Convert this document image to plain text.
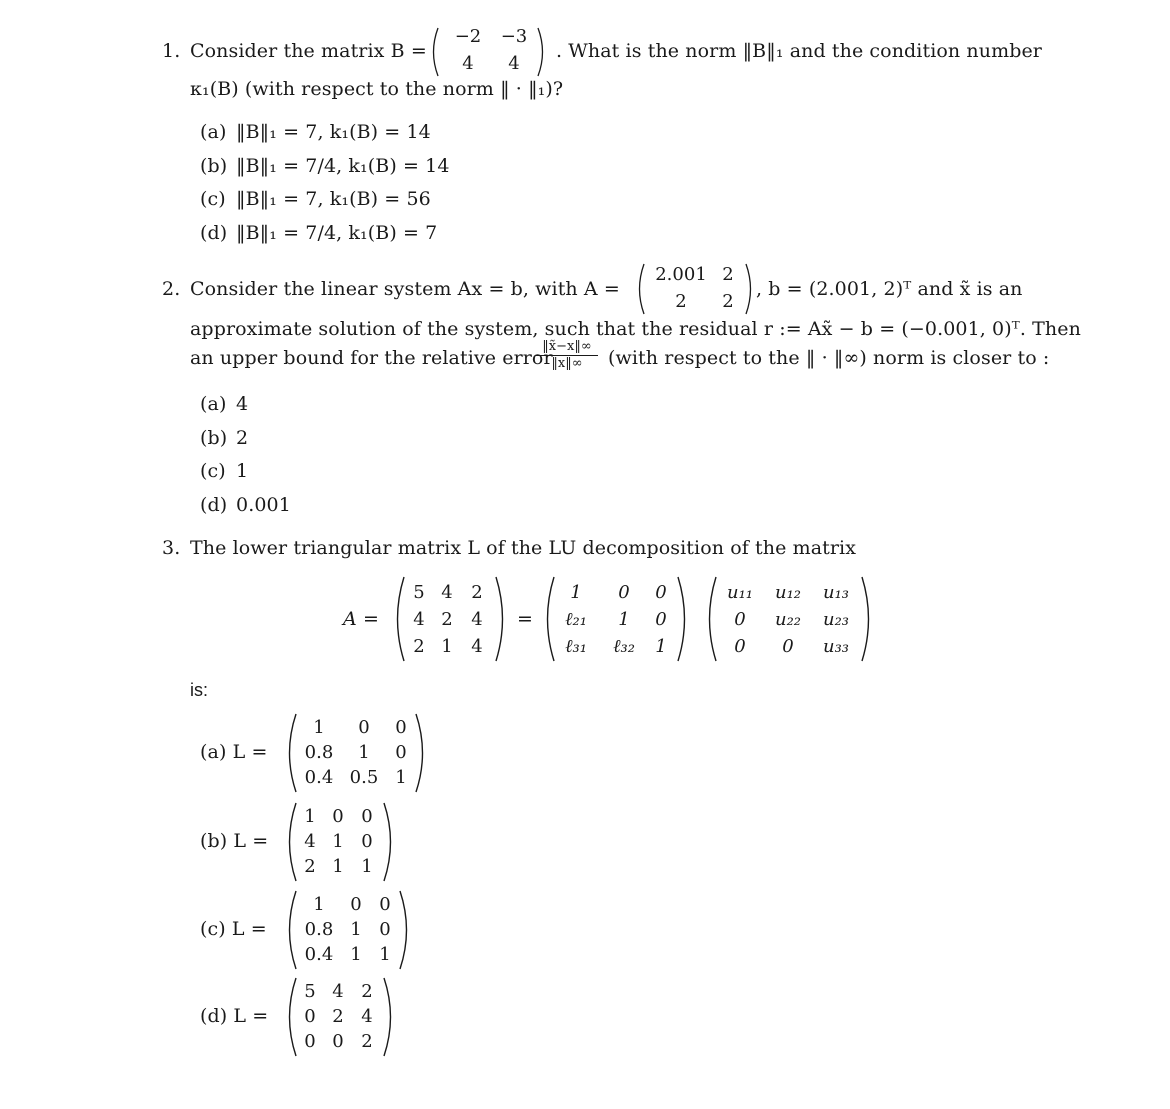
1. Consider the matrix B =
−2 −3
4	4
. What is the norm ‖B‖₁ and the condition number
κ₁(B) (with respect to the norm ‖ · ‖₁)?
(a) ‖B‖₁ = 7, k₁(B) = 14
(b) ‖B‖₁ = 7/4, k₁(B) = 14
(c) ‖B‖₁ = 7, k₁(B) = 56
(d) ‖B‖₁ = 7/4, k₁(B) = 7
2. Consider the linear system Ax = b, with A =
2.001 2
2	2
, b = (2.001, 2)ᵀ and x̃ is an
approximate solution of the system, such that the residual r := Ax̃ − b = (−0.001, 0)ᵀ. Then
an upper bound for the relative error
‖x̃−x‖∞
‖x‖∞	(with respect to the ‖ · ‖∞) norm is closer to :
(a) 4
(b) 2
(c) 1
(d) 0.001
3. The lower triangular matrix L of the LU decomposition of the matrix
A =
5 4 2
4 2 4
2 1 4
=
1	0	0
ℓ₂₁	1	0
ℓ₃₁	ℓ₃₂	1
u₁₁	u₁₂	u₁₃
0	u₂₂	u₂₃
0	0	u₃₃
is:
(a) L =
1	0	0
0.8	1	0
0.4 0.5 1
(b) L =
1 0 0
4 1 0
2 1 1
(c) L =
1	0 0
0.8 1 0
0.4 1 1
(d) L =
5 4 2
0 2 4
0 0 2
